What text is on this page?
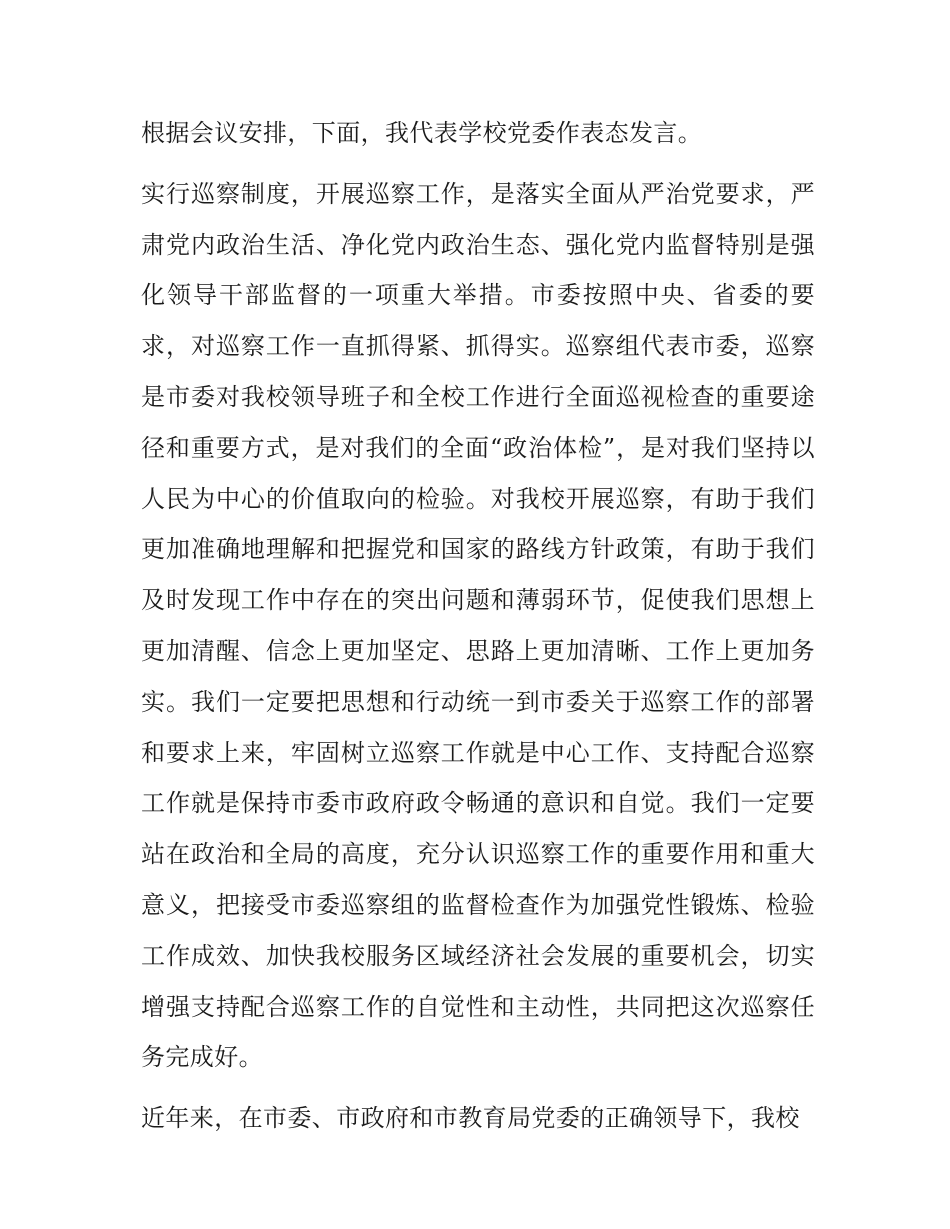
根据会议安排，下面，我代表学校党委作表态发言。

实行巡察制度，开展巡察工作，是落实全面从严治党要求，严肃党内政治生活、净化党内政治生态、强化党内监督特别是强化领导干部监督的一项重大举措。市委按照中央、省委的要求，对巡察工作一直抓得紧、抓得实。巡察组代表市委，巡察是市委对我校领导班子和全校工作进行全面巡视检查的重要途径和重要方式，是对我们的全面“政治体检”，是对我们坚持以人民为中心的价值取向的检验。对我校开展巡察，有助于我们更加准确地理解和把握党和国家的路线方针政策，有助于我们及时发现工作中存在的突出问题和薄弱环节，促使我们思想上更加清醒、信念上更加坚定、思路上更加清晰、工作上更加务实。我们一定要把思想和行动统一到市委关于巡察工作的部署和要求上来，牢固树立巡察工作就是中心工作、支持配合巡察工作就是保持市委市政府政令畅通的意识和自觉。我们一定要站在政治和全局的高度，充分认识巡察工作的重要作用和重大意义，把接受市委巡察组的监督检查作为加强党性锻炼、检验工作成效、加快我校服务区域经济社会发展的重要机会，切实增强支持配合巡察工作的自觉性和主动性，共同把这次巡察任务完成好。

近年来，在市委、市政府和市教育局党委的正确领导下，我校
